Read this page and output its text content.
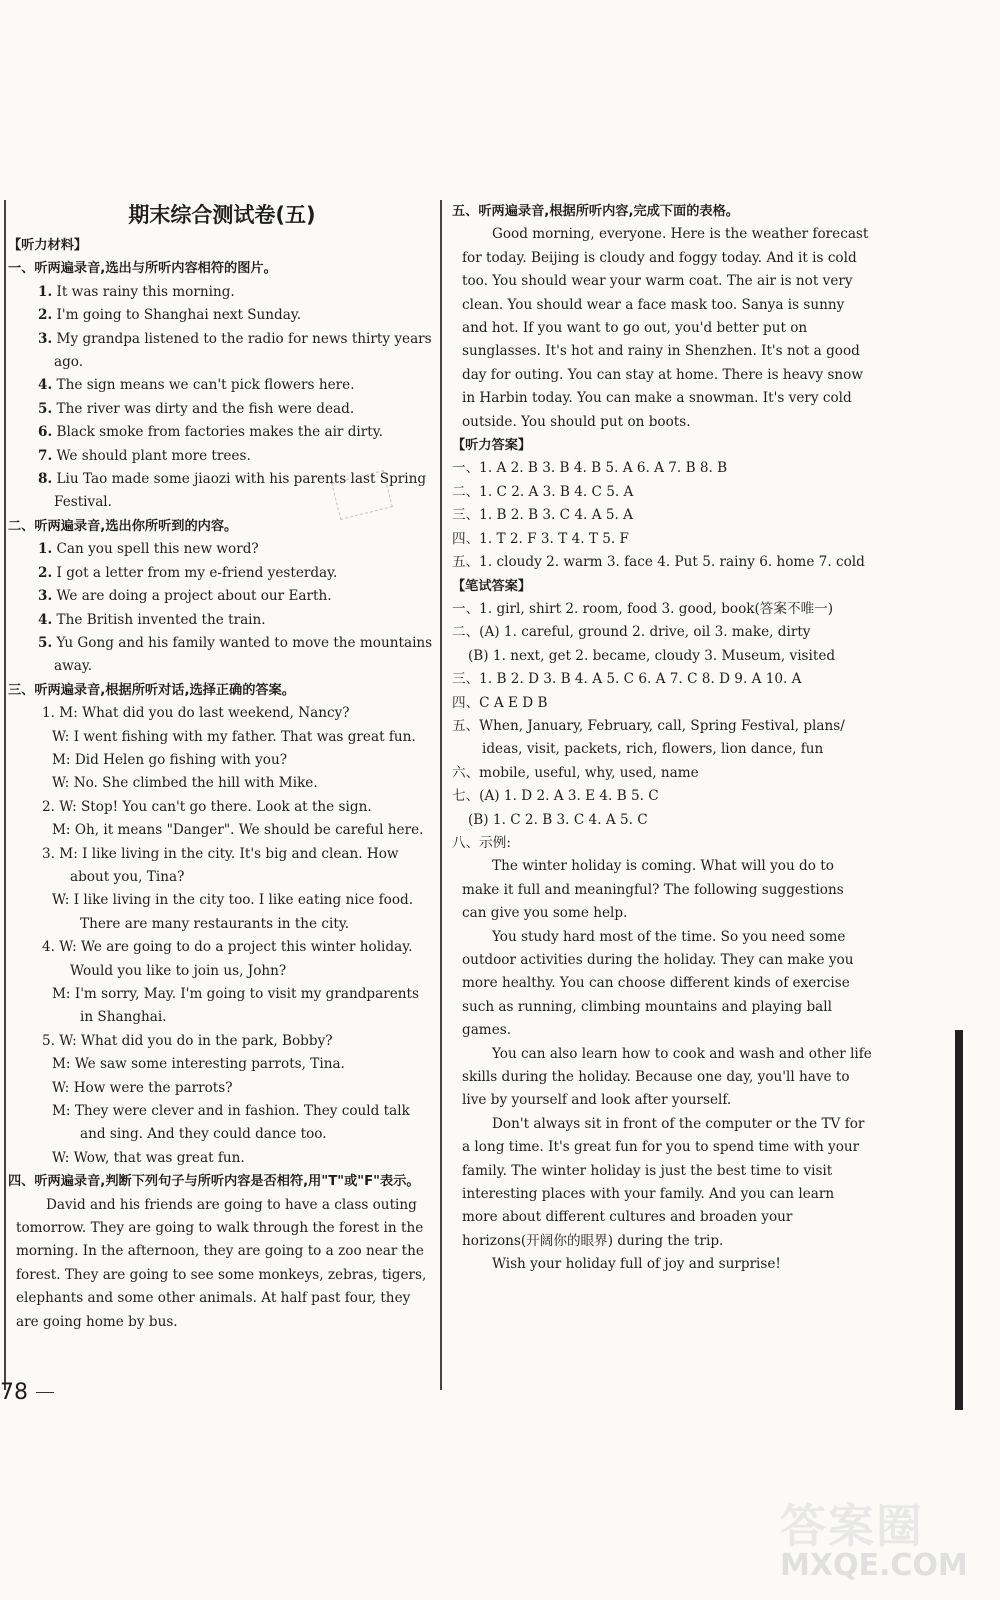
期末综合测试卷(五)
【听力材料】
一、听两遍录音,选出与所听内容相符的图片。
1. It was rainy this morning.
2. I'm going to Shanghai next Sunday.
3. My grandpa listened to the radio for news thirty years ago.
4. The sign means we can't pick flowers here.
5. The river was dirty and the fish were dead.
6. Black smoke from factories makes the air dirty.
7. We should plant more trees.
8. Liu Tao made some jiaozi with his parents last Spring Festival.
二、听两遍录音,选出你所听到的内容。
1. Can you spell this new word?
2. I got a letter from my e-friend yesterday.
3. We are doing a project about our Earth.
4. The British invented the train.
5. Yu Gong and his family wanted to move the mountains away.
三、听两遍录音,根据所听对话,选择正确的答案。
1. M: What did you do last weekend, Nancy?
W: I went fishing with my father. That was great fun.
M: Did Helen go fishing with you?
W: No. She climbed the hill with Mike.
2. W: Stop! You can't go there. Look at the sign.
M: Oh, it means "Danger". We should be careful here.
3. M: I like living in the city. It's big and clean. How about you, Tina?
W: I like living in the city too. I like eating nice food. There are many restaurants in the city.
4. W: We are going to do a project this winter holiday. Would you like to join us, John?
M: I'm sorry, May. I'm going to visit my grandparents in Shanghai.
5. W: What did you do in the park, Bobby?
M: We saw some interesting parrots, Tina.
W: How were the parrots?
M: They were clever and in fashion. They could talk and sing. And they could dance too.
W: Wow, that was great fun.
四、听两遍录音,判断下列句子与所听内容是否相符,用"T"或"F"表示。
David and his friends are going to have a class outing tomorrow. They are going to walk through the forest in the morning. In the afternoon, they are going to a zoo near the forest. They are going to see some monkeys, zebras, tigers, elephants and some other animals. At half past four, they are going home by bus.
五、听两遍录音,根据所听内容,完成下面的表格。
Good morning, everyone. Here is the weather forecast for today. Beijing is cloudy and foggy today. And it is cold too. You should wear your warm coat. The air is not very clean. You should wear a face mask too. Sanya is sunny and hot. If you want to go out, you'd better put on sunglasses. It's hot and rainy in Shenzhen. It's not a good day for outing. You can stay at home. There is heavy snow in Harbin today. You can make a snowman. It's very cold outside. You should put on boots.
【听力答案】
一、1. A 2. B 3. B 4. B 5. A 6. A 7. B 8. B
二、1. C 2. A 3. B 4. C 5. A
三、1. B 2. B 3. C 4. A 5. A
四、1. T 2. F 3. T 4. T 5. F
五、1. cloudy 2. warm 3. face 4. Put 5. rainy 6. home 7. cold
【笔试答案】
一、1. girl, shirt 2. room, food 3. good, book(答案不唯一)
二、(A) 1. careful, ground 2. drive, oil 3. make, dirty
(B) 1. next, get 2. became, cloudy 3. Museum, visited
三、1. B 2. D 3. B 4. A 5. C 6. A 7. C 8. D 9. A 10. A
四、C A E D B
五、When, January, February, call, Spring Festival, plans/ ideas, visit, packets, rich, flowers, lion dance, fun
六、mobile, useful, why, used, name
七、(A) 1. D 2. A 3. E 4. B 5. C
(B) 1. C 2. B 3. C 4. A 5. C
八、示例:
The winter holiday is coming. What will you do to make it full and meaningful? The following suggestions can give you some help.
You study hard most of the time. So you need some outdoor activities during the holiday. They can make you more healthy. You can choose different kinds of exercise such as running, climbing mountains and playing ball games.
You can also learn how to cook and wash and other life skills during the holiday. Because one day, you'll have to live by yourself and look after yourself.
Don't always sit in front of the computer or the TV for a long time. It's great fun for you to spend time with your family. The winter holiday is just the best time to visit interesting places with your family. And you can learn more about different cultures and broaden your horizons(开阔你的眼界) during the trip.
Wish your holiday full of joy and surprise!
78
答案圈
MXQE.COM
